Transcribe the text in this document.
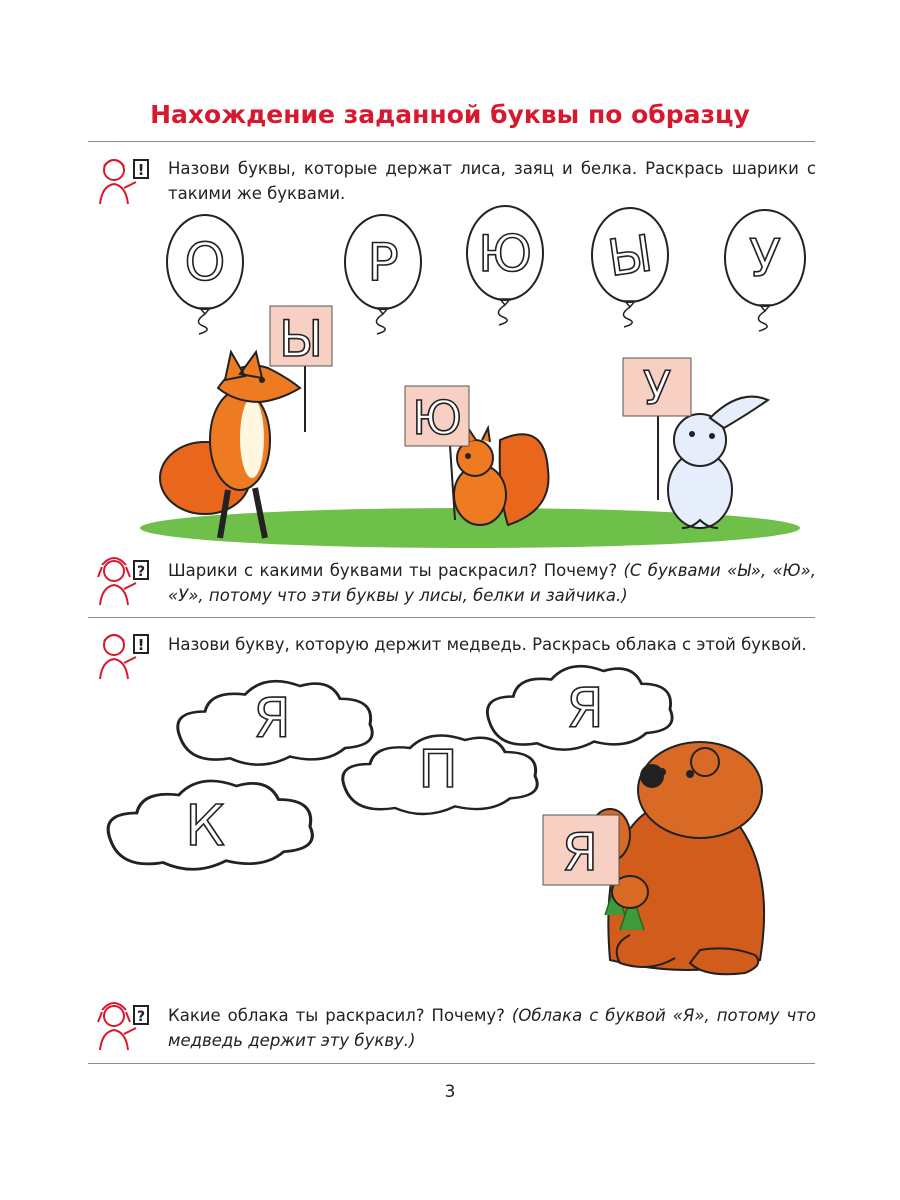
Нахождение заданной буквы по образцу
! Назови буквы, которые держат лиса, заяц и белка. Раскрась шарики с такими же буквами.
О	Р Ю Ы У
Ы
Ю
У
? Шарики с какими буквами ты раскрасил? Почему? (С буквами «Ы», «Ю», «У», потому что эти буквы у лисы, белки и зайчика.)
! Назови букву, которую держит медведь. Раскрась облака с этой буквой.
Я	Я
П
К	Я
? Какие облака ты раскрасил? Почему? (Облака с буквой «Я», потому что медведь держит эту букву.)
3
